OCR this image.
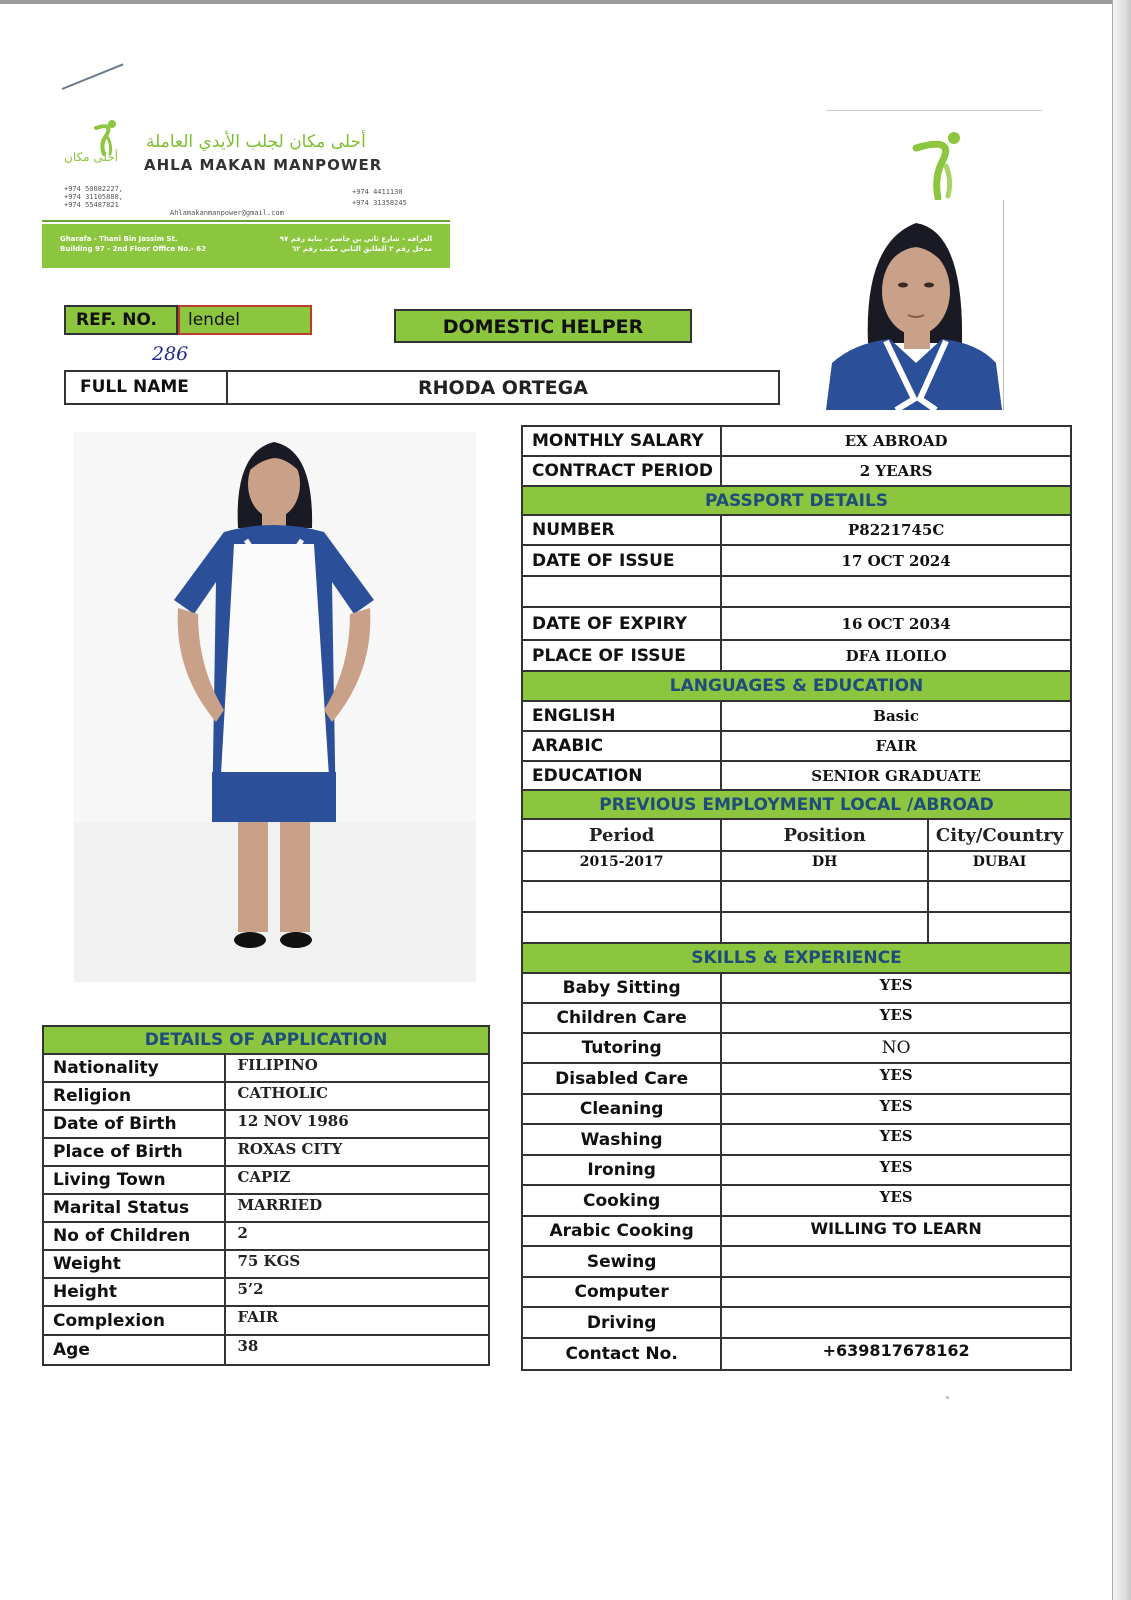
أحلى مكان
أحلى مكان لجلب الأيدي العاملة
AHLA MAKAN MANPOWER
+974 50082227,
+974 31105888,
+974 55487821
+974 4411130
+974 31358245
Ahlamakanmanpower@gmail.com
Gharafa - Thani Bin Jassim St.
Building 97 - 2nd Floor Office No.- 62
الغرافة - شارع ثاني بن جاسم - بناية رقم ٩٧
مدخل رقم ٢ الطابق الثاني مكتب رقم ٦٢
REF. NO.	lendel
286
DOMESTIC HELPER
FULL NAME	RHODA ORTEGA
MONTHLY SALARY	EX ABROAD	
CONTRACT PERIOD	2 YEARS	
PASSPORT DETAILS		
NUMBER	P8221745C	
DATE OF ISSUE	17 OCT 2024	

DATE OF EXPIRY	16 OCT 2034	
PLACE OF ISSUE	DFA ILOILO	
LANGUAGES & EDUCATION		
ENGLISH	Basic	
ARABIC	FAIR	
EDUCATION	SENIOR GRADUATE	
PREVIOUS EMPLOYMENT LOCAL /ABROAD		
Period	Position	City/Country
2015-2017	DH	DUBAI

SKILLS & EXPERIENCE		
Baby Sitting	YES	
Children Care	YES	
Tutoring	NO	
Disabled Care	YES	
Cleaning	YES	
Washing	YES	
Ironing	YES	
Cooking	YES	
Arabic Cooking	WILLING TO LEARN	
Sewing		
Computer		
Driving		
Contact No.	+639817678162	
DETAILS OF APPLICATION	
Nationality	FILIPINO
Religion	CATHOLIC
Date of Birth	12 NOV 1986
Place of Birth	ROXAS CITY
Living Town	CAPIZ
Marital Status	MARRIED
No of Children	2
Weight	75 KGS
Height	5’2
Complexion	FAIR
Age	38
